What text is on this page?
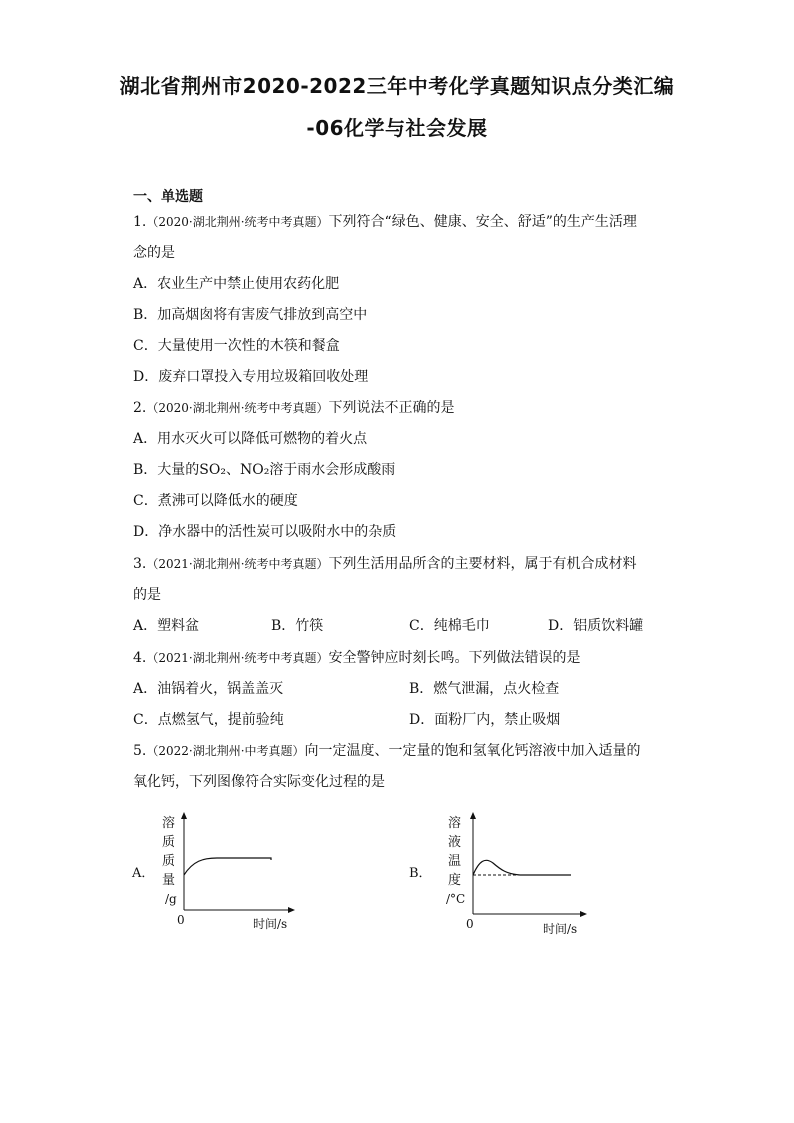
湖北省荆州市2020-2022三年中考化学真题知识点分类汇编
-06化学与社会发展
一、单选题
1.（2020·湖北荆州·统考中考真题）下列符合“绿色、健康、安全、舒适”的生产生活理
念的是
A．农业生产中禁止使用农药化肥
B．加高烟囱将有害废气排放到高空中
C．大量使用一次性的木筷和餐盒
D．废弃口罩投入专用垃圾箱回收处理
2.（2020·湖北荆州·统考中考真题）下列说法不正确的是
A．用水灭火可以降低可燃物的着火点
B．大量的SO₂、NO₂溶于雨水会形成酸雨
C．煮沸可以降低水的硬度
D．净水器中的活性炭可以吸附水中的杂质
3.（2021·湖北荆州·统考中考真题）下列生活用品所含的主要材料，属于有机合成材料
的是
A．塑料盆	B．竹筷	C．纯棉毛巾	D．铝质饮料罐
4.（2021·湖北荆州·统考中考真题）安全警钟应时刻长鸣。下列做法错误的是
A．油锅着火，锅盖盖灭	B．燃气泄漏，点火检查
C．点燃氢气，提前验纯	D．面粉厂内，禁止吸烟
5.（2022·湖北荆州·中考真题）向一定温度、一定量的饱和氢氧化钙溶液中加入适量的
氧化钙，下列图像符合实际变化过程的是
A．
溶
质
质
量
/g
0	时间/s
B．
溶
液
温
度
/°C
0	时间/s
